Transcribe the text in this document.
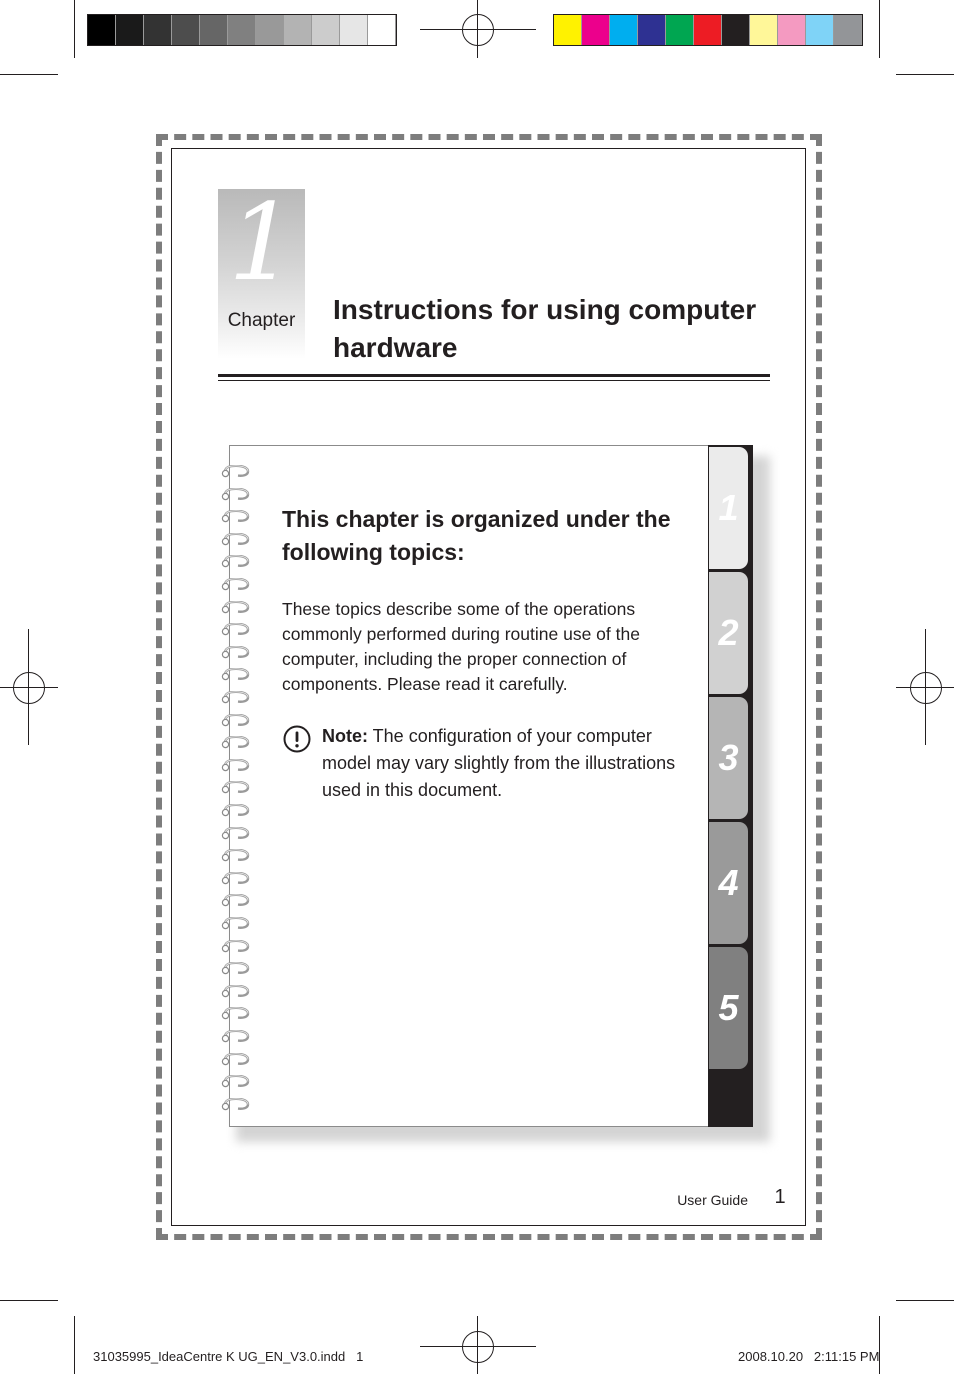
1
Chapter	Instructions for using computer hardware
1
2
3
4
5
This chapter is organized under the following topics:
These topics describe some of the operations commonly performed during routine use of the computer, including the proper connection of components. Please read it carefully.
Note: The configuration of your computer model may vary slightly from the illustrations used in this document.
User Guide 1
31035995_IdeaCentre K UG_EN_V3.0.indd   1	2008.10.20   2:11:15 PM
